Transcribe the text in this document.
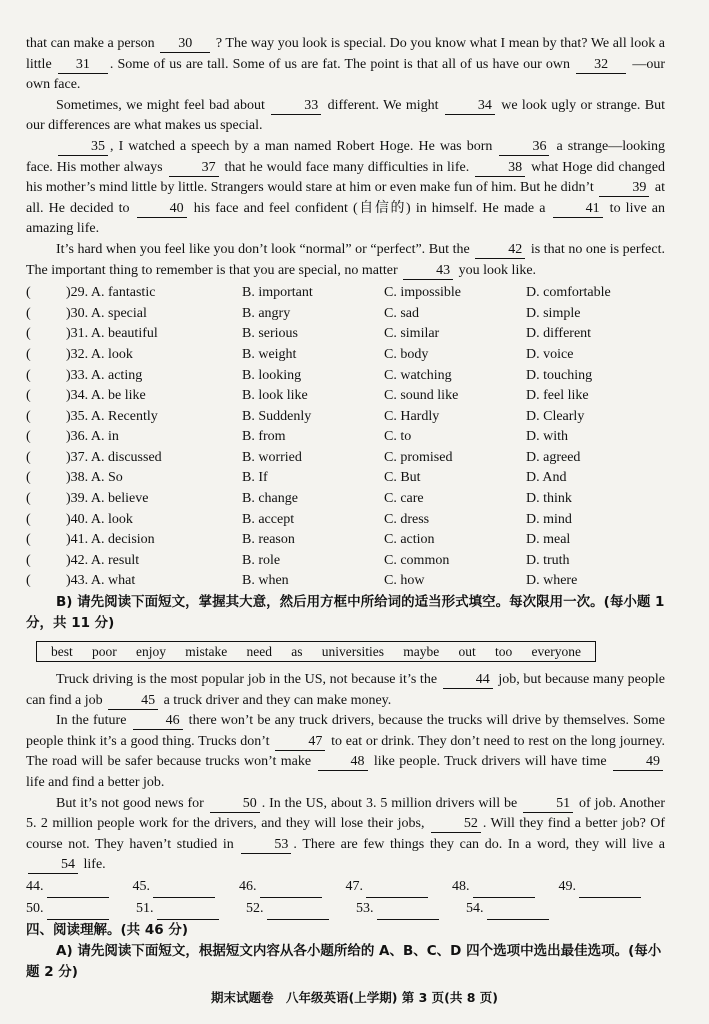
that can make a person 30 ? The way you look is special. Do you know what I mean by that? We all look a little 31 . Some of us are tall. Some of us are fat. The point is that all of us have our own 32 —our own face.

Sometimes, we might feel bad about	33 different. We might	34 we look ugly or strange. But our differences are what makes us special.

35 , I watched a speech by a man named Robert Hoge. He was born	36 a strange—looking face. His mother always	37 that he would face many difficulties in life.	38 what Hoge did changed his mother’s mind little by little. Strangers would stare at him or even make fun of him. But he didn’t	39 at all. He decided to	40 his face and feel confident (自信的) in himself. He made a	41 to live an amazing life.

It’s hard when you feel like you don’t look “normal” or “perfect”. But the	42 is that no one is perfect. The important thing to remember is that you are special, no matter	43 you look like.

(	)29. A. fantastic	B. important	C. impossible	D. comfortable
(	)30. A. special	B. angry	C. sad	D. simple
(	)31. A. beautiful	B. serious	C. similar	D. different
(	)32. A. look	B. weight	C. body	D. voice
(	)33. A. acting	B. looking	C. watching	D. touching
(	)34. A. be like	B. look like	C. sound like	D. feel like
(	)35. A. Recently	B. Suddenly	C. Hardly	D. Clearly
(	)36. A. in	B. from	C. to	D. with
(	)37. A. discussed	B. worried	C. promised	D. agreed
(	)38. A. So	B. If	C. But	D. And
(	)39. A. believe	B. change	C. care	D. think
(	)40. A. look	B. accept	C. dress	D. mind
(	)41. A. decision	B. reason	C. action	D. meal
(	)42. A. result	B. role	C. common	D. truth
(	)43. A. what	B. when	C. how	D. where

B) 请先阅读下面短文，掌握其大意，然后用方框中所给词的适当形式填空。每次限用一次。(每小题 1 分，共 11 分)

best poor enjoy mistake need as universities maybe out too everyone

Truck driving is the most popular job in the US, not because it’s the	44 job, but because many people can find a job	45 a truck driver and they can make money.

In the future	46 there won’t be any truck drivers, because the trucks will drive by themselves. Some people think it’s a good thing. Trucks don’t	47 to eat or drink. They don’t need to rest on the long journey. The road will be safer because trucks won’t make	48 like people. Truck drivers will have time	49 life and find a better job.

But it’s not good news for	50 . In the US, about 3. 5 million drivers will be	51 of job. Another 5. 2 million people work for the drivers, and they will lose their jobs,	52 . Will they find a better job? Of course not. They haven’t studied in	53 . There are few things they can do. In a word, they will live a 54 life.

44.	45.	46.	47.	48.	49.
50.	51.	52.	53.	54.

四、阅读理解。(共 46 分)

A) 请先阅读下面短文，根据短文内容从各小题所给的 A、B、C、D 四个选项中选出最佳选项。(每小题 2 分)

期末试题卷　八年级英语(上学期) 第 3 页(共 8 页)
